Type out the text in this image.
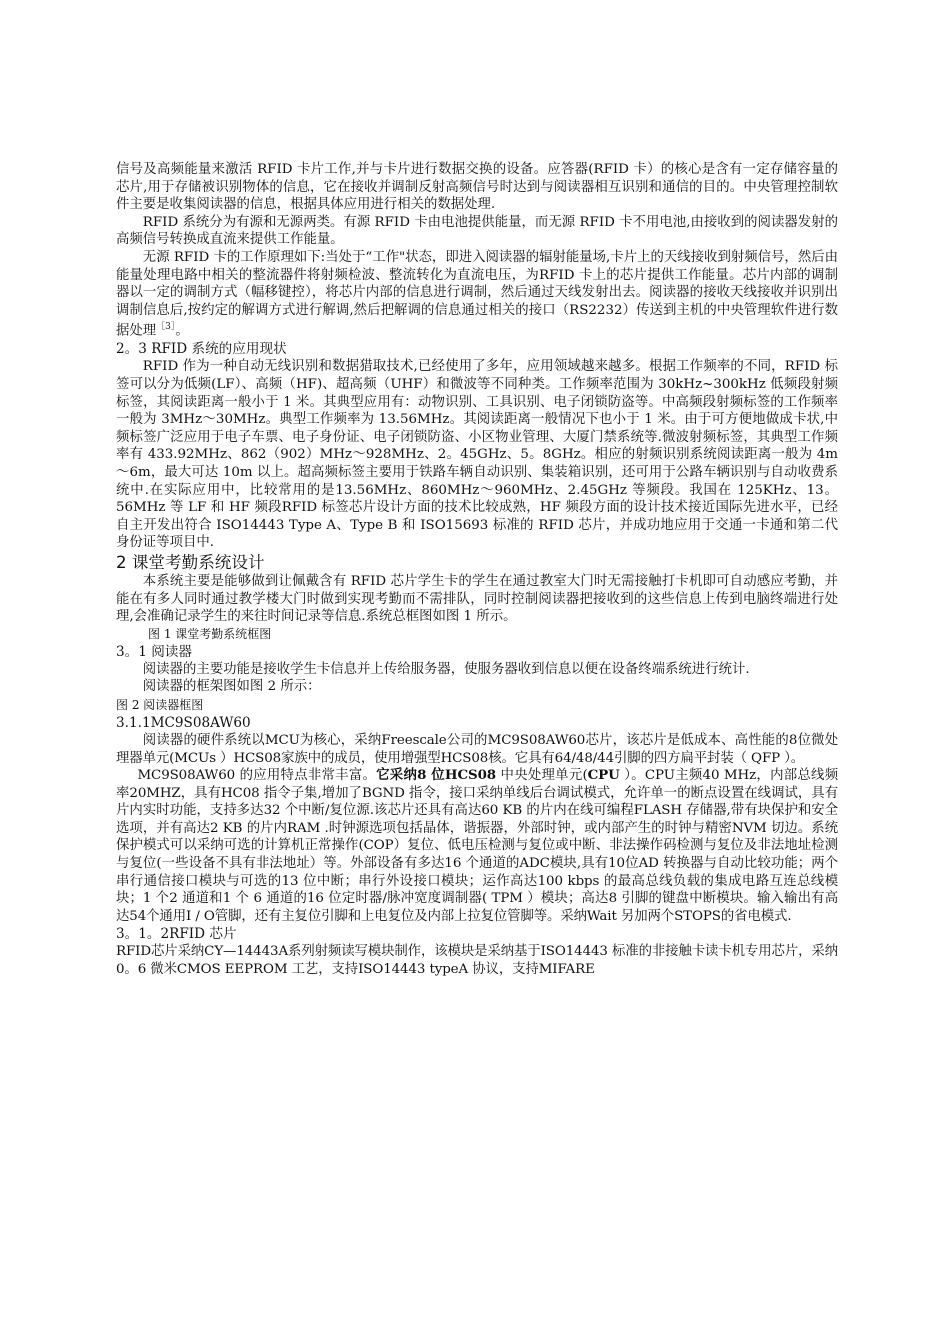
信号及高频能量来激活 RFID 卡片工作,并与卡片进行数据交换的设备。应答器(RFID 卡）的核心是含有一定存储容量的芯片,用于存储被识别物体的信息，它在接收并调制反射高频信号时达到与阅读器相互识别和通信的目的。中央管理控制软件主要是收集阅读器的信息，根据具体应用进行相关的数据处理.

RFID 系统分为有源和无源两类。有源 RFID 卡由电池提供能量，而无源 RFID 卡不用电池,由接收到的阅读器发射的高频信号转换成直流来提供工作能量。

无源 RFID 卡的工作原理如下:当处于“工作"状态，即进入阅读器的辐射能量场,卡片上的天线接收到射频信号，然后由能量处理电路中相关的整流器件将射频检波、整流转化为直流电压，为RFID 卡上的芯片提供工作能量。芯片内部的调制器以一定的调制方式（幅移键控），将芯片内部的信息进行调制，然后通过天线发射出去。阅读器的接收天线接收并识别出调制信息后,按约定的解调方式进行解调,然后把解调的信息通过相关的接口（RS2232）传送到主机的中央管理软件进行数据处理$^{[3]}$。

2。3 RFID 系统的应用现状

RFID 作为一种自动无线识别和数据猎取技术,已经使用了多年，应用领域越来越多。根据工作频率的不同，RFID 标签可以分为低频(LF）、高频（HF)、超高频（UHF）和微波等不同种类。工作频率范围为 30kHz~300kHz 低频段射频标签，其阅读距离一般小于 1 米。其典型应用有：动物识别、工具识别、电子闭锁防盗等。中高频段射频标签的工作频率一般为 3MHz～30MHz。典型工作频率为 13.56MHz。其阅读距离一般情况下也小于 1 米。由于可方便地做成卡状,中频标签广泛应用于电子车票、电子身份证、电子闭锁防盗、小区物业管理、大厦门禁系统等.微波射频标签，其典型工作频率有 433.92MHz、862（902）MHz～928MHz、2。45GHz、5。8GHz。相应的射频识别系统阅读距离一般为 4m～6m，最大可达 10m 以上。超高频标签主要用于铁路车辆自动识别、集装箱识别，还可用于公路车辆识别与自动收费系统中.在实际应用中，比较常用的是13.56MHz、860MHz～960MHz、2.45GHz 等频段。我国在 125KHz、13。56MHz 等 LF 和 HF 频段RFID 标签芯片设计方面的技术比较成熟，HF 频段方面的设计技术接近国际先进水平，已经自主开发出符合 ISO14443 Type A、Type B 和 ISO15693 标准的 RFID 芯片，并成功地应用于交通一卡通和第二代身份证等项目中.

2 课堂考勤系统设计

本系统主要是能够做到让佩戴含有 RFID 芯片学生卡的学生在通过教室大门时无需接触打卡机即可自动感应考勤，并能在有多人同时通过教学楼大门时做到实现考勤而不需排队，同时控制阅读器把接收到的这些信息上传到电脑终端进行处理,会准确记录学生的来往时间记录等信息.系统总框图如图 1 所示。

图 1 课堂考勤系统框图

3。1 阅读器

阅读器的主要功能是接收学生卡信息并上传给服务器，使服务器收到信息以便在设备终端系统进行统计.

阅读器的框架图如图 2 所示：

图 2 阅读器框图

3.1.1MC9S08AW60

阅读器的硬件系统以MCU为核心，采纳Freescale公司的MC9S08AW60芯片，该芯片是低成本、高性能的8位微处理器单元(MCUs ）HCS08家族中的成员，使用增强型HCS08核。它具有64/48/44引脚的四方扁平封装（ QFP ）。

MC9S08AW60 的应用特点非常丰富。它采纳8 位HCS08 中央处理单元(CPU ）。CPU主频40 MHz，内部总线频率20MHZ，具有HC08 指令子集,增加了BGND 指令，接口采纳单线后台调试模式，允许单一的断点设置在线调试，具有片内实时功能，支持多达32 个中断/复位源.该芯片还具有高达60 KB 的片内在线可编程FLASH 存储器,带有块保护和安全选项，并有高达2 KB 的片内RAM .时钟源选项包括晶体，谐振器，外部时钟，或内部产生的时钟与精密NVM 切边。系统保护模式可以采纳可选的计算机正常操作(COP）复位、低电压检测与复位或中断、非法操作码检测与复位及非法地址检测与复位(一些设备不具有非法地址）等。外部设备有多达16 个通道的ADC模块,具有10位AD 转换器与自动比较功能；两个串行通信接口模块与可选的13 位中断；串行外设接口模块；运作高达100 kbps 的最高总线负载的集成电路互连总线模块；1 个2 通道和1 个 6 通道的16 位定时器/脉冲宽度调制器( TPM ）模块；高达8 引脚的键盘中断模块。输入输出有高达54个通用I / O管脚，还有主复位引脚和上电复位及内部上拉复位管脚等。采纳Wait 另加两个STOPS的省电模式.

3。1。2RFID 芯片

RFID芯片采纳CY—14443A系列射频读写模块制作，该模块是采纳基于ISO14443 标准的非接触卡读卡机专用芯片，采纳0。6 微米CMOS EEPROM 工艺，支持ISO14443 typeA 协议，支持MIFARE
